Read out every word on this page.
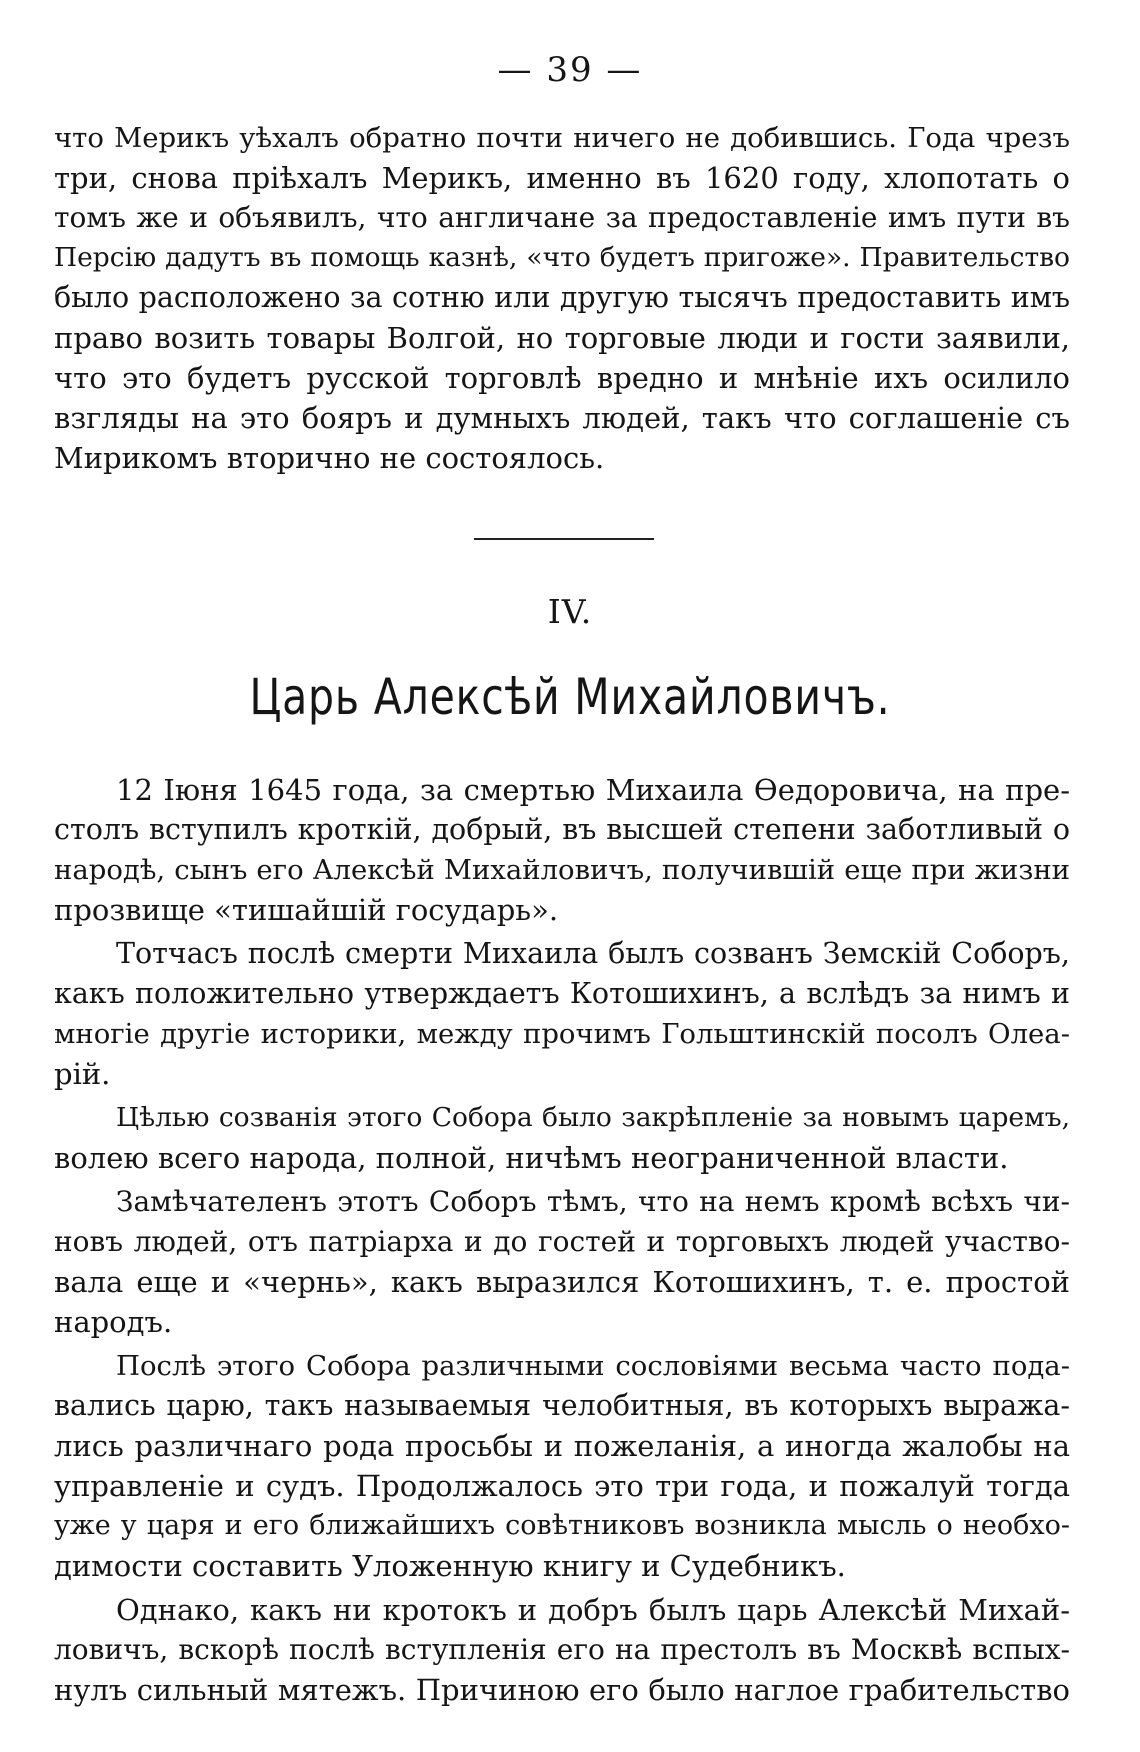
— 39 —
что Мерикъ уѣхалъ обратно почти ничего не добившись. Года чрезъ
три, снова прiѣхалъ Мерикъ, именно въ 1620 году, хлопотать о
томъ же и объявилъ, что англичане за предоставленiе имъ пути въ
Персiю дадутъ въ помощь казнѣ, «что будетъ пригоже». Правительство
было расположено за сотню или другую тысячъ предоставить имъ
право возить товары Волгой, но торговые люди и гости заявили,
что это будетъ русской торговлѣ вредно и мнѣнiе ихъ осилило
взгляды на это бояръ и думныхъ людей, такъ что соглашенiе съ
Мирикомъ вторично не состоялось.
IV.
Царь Алексѣй Михайловичъ.
12 Iюня 1645 года, за смертью Михаила Ѳедоровича, на пре-
столъ вступилъ кроткiй, добрый, въ высшей степени заботливый о
народѣ, сынъ его Алексѣй Михайловичъ, получившiй еще при жизни
прозвище «тишайшiй государь».
Тотчасъ послѣ смерти Михаила былъ созванъ Земскiй Соборъ,
какъ положительно утверждаетъ Котошихинъ, а вслѣдъ за нимъ и
многiе другiе историки, между прочимъ Гольштинскiй посолъ Олеа-
рiй.
Цѣлью созванiя этого Собора было закрѣпленiе за новымъ царемъ,
волею всего народа, полной, ничѣмъ неограниченной власти.
Замѣчателенъ этотъ Соборъ тѣмъ, что на немъ кромѣ всѣхъ чи-
новъ людей, отъ патрiарха и до гостей и торговыхъ людей участво-
вала еще и «чернь», какъ выразился Котошихинъ, т. е. простой
народъ.
Послѣ этого Собора различными сословiями весьма часто пода-
вались царю, такъ называемыя челобитныя, въ которыхъ выража-
лись различнаго рода просьбы и пожеланiя, а иногда жалобы на
управленiе и судъ. Продолжалось это три года, и пожалуй тогда
уже у царя и его ближайшихъ совѣтниковъ возникла мысль о необхо-
димости составить Уложенную книгу и Судебникъ.
Однако, какъ ни кротокъ и добръ былъ царь Алексѣй Михай-
ловичъ, вскорѣ послѣ вступленiя его на престолъ въ Москвѣ вспых-
нулъ сильный мятежъ. Причиною его было наглое грабительство
